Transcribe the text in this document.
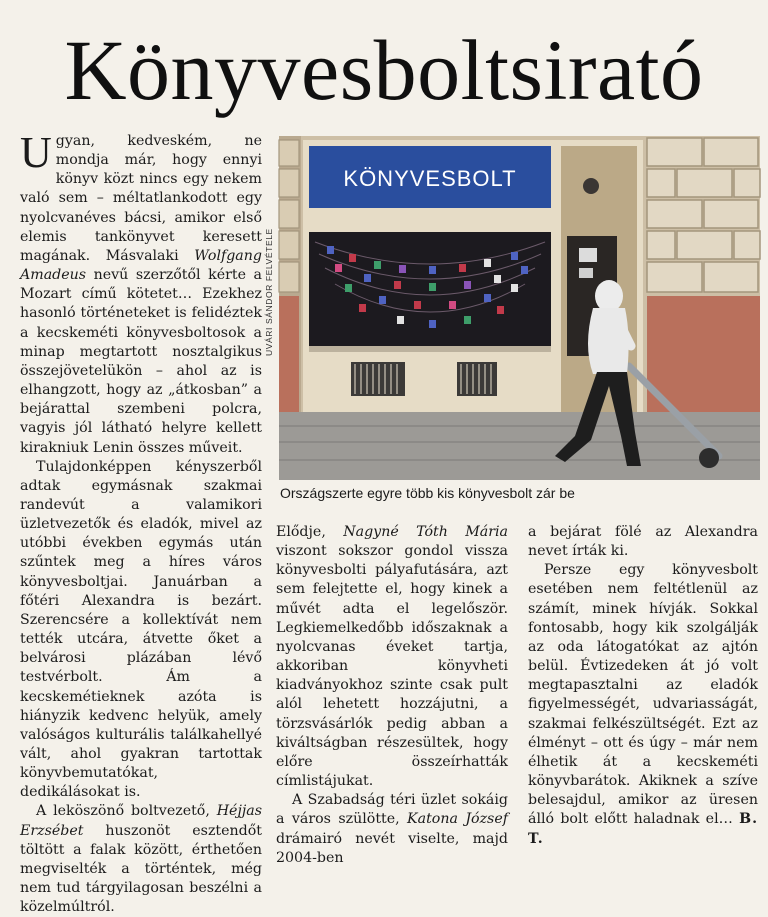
Könyvesboltsirató

Ugyan, kedveském, ne mondja már, hogy ennyi könyv közt nincs egy nekem való sem – méltatlankodott egy nyolcvanéves bácsi, amikor első elemis tankönyvet keresett magának. Másvalaki Wolfgang Amadeus nevű szerzőtől kérte a Mozart című kötetet… Ezekhez hasonló történeteket is felidéztek a kecskeméti könyvesboltosok a minap megtartott nosztalgikus összejövetelükön – ahol az is elhangzott, hogy az „átkosban” a bejárattal szembeni polcra, vagyis jól látható helyre kellett kirakniuk Lenin összes műveit.

Tulajdonképpen kényszerből adtak egymásnak szakmai randevút a valamikori üzletvezetők és eladók, mivel az utóbbi években egymás után szűntek meg a híres város könyvesboltjai. Januárban a főtéri Alexandra is bezárt. Szerencsére a kollektívát nem tették utcára, átvette őket a belvárosi plázában lévő testvérbolt. Ám a kecskemétieknek azóta is hiányzik kedvenc helyük, amely valóságos kulturális találkahellyé vált, ahol gyakran tartottak könyvbemutatókat, dedikálásokat is.

A leköszönő boltvezető, Héjjas Erzsébet huszonöt esztendőt töltött a falak között, érthetően megviselték a történtek, még nem tud tárgyilagosan beszélni a közelmúltról.

KÖNYVESBOLT
UVÁRI SÁNDOR FELVÉTELE
Országszerte egyre több kis könyvesbolt zár be

Elődje, Nagyné Tóth Mária viszont sokszor gondol vissza könyvesbolti pályafutására, azt sem felejtette el, hogy kinek a művét adta el legelőször. Legkiemelkedőbb időszaknak a nyolcvanas éveket tartja, akkoriban könyvheti kiadványokhoz szinte csak pult alól lehetett hozzájutni, a törzsvásárlók pedig abban a kiváltságban részesültek, hogy előre összeírhatták címlistájukat.

A Szabadság téri üzlet sokáig a város szülötte, Katona József drámairó nevét viselte, majd 2004-ben

a bejárat fölé az Alexandra nevet írták ki.

Persze egy könyvesbolt esetében nem feltétlenül az számít, minek hívják. Sokkal fontosabb, hogy kik szolgálják az oda látogatókat az ajtón belül. Évtizedeken át jó volt megtapasztalni az eladók figyelmességét, udvariasságát, szakmai felkészültségét. Ezt az élményt – ott és úgy – már nem élhetik át a kecskeméti könyvbarátok. Akiknek a szíve belesajdul, amikor az üresen álló bolt előtt haladnak el… B. T.
